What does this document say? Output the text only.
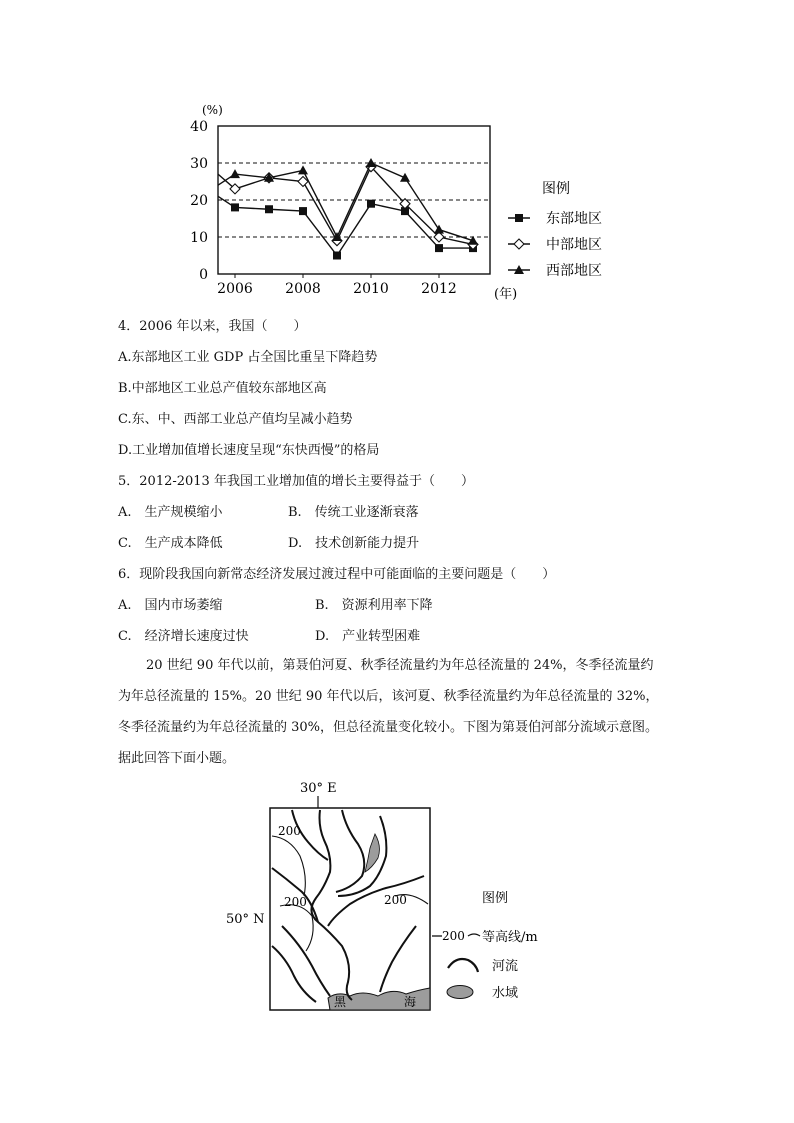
0
10
20
30
40
2006 2008 2010 2012
(%)
(年)
东部地区
中部地区
西部地区
图例
4．2006 年以来，我国（　　）
A.东部地区工业 GDP 占全国比重呈下降趋势
B.中部地区工业总产值较东部地区高
C.东、中、西部工业总产值均呈减小趋势
D.工业增加值增长速度呈现“东快西慢”的格局
5．2012-2013 年我国工业增加值的增长主要得益于（　　）
A.　生产规模缩小	B.　传统工业逐渐衰落
C.　生产成本降低	D.　技术创新能力提升
6．现阶段我国向新常态经济发展过渡过程中可能面临的主要问题是（　　）
A.　国内市场萎缩	B.　资源利用率下降
C.　经济增长速度过快	D.　产业转型困难
20 世纪 90 年代以前，第聂伯河夏、秋季径流量约为年总径流量的 24%，冬季径流量约
为年总径流量的 15%。20 世纪 90 年代以后，该河夏、秋季径流量约为年总径流量的 32%，
冬季径流量约为年总径流量的 30%，但总径流量变化较小。下图为第聂伯河部分流域示意图。
据此回答下面小题。
30° E
50° N
200
200	200
黑	海
图例
200 等高线/m
河流
水域
